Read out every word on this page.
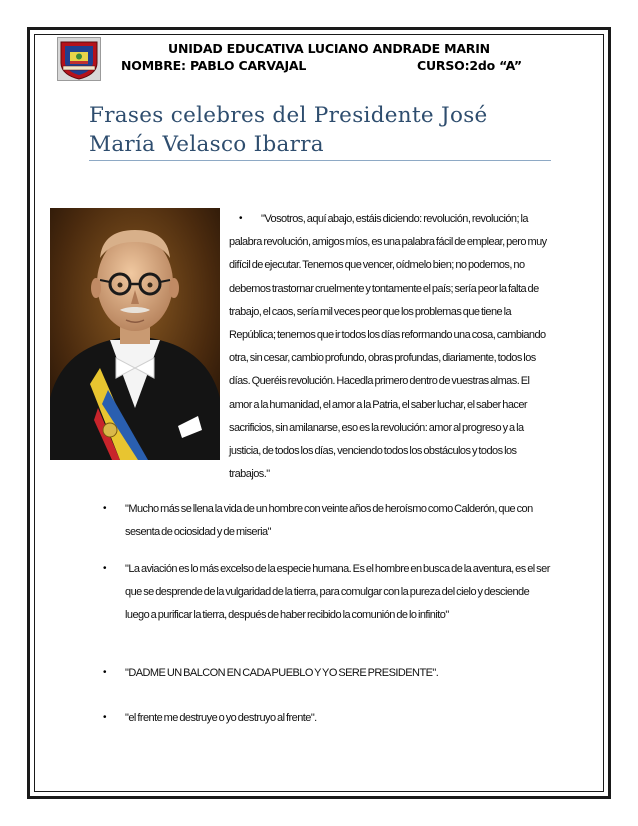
UNIDAD EDUCATIVA LUCIANO ANDRADE MARIN
NOMBRE: PABLO CARVAJAL	CURSO:2do “A”
Frases celebres del Presidente José María Velasco Ibarra
•	"Vosotros, aquí abajo, estáis diciendo: revolución, revolución; la
palabra revolución, amigos míos, es una palabra fácil de emplear, pero muy difícil de ejecutar. Tenemos que vencer, oídmelo bien; no podemos, no debemos trastornar cruelmente y tontamente el país; sería peor la falta de trabajo, el caos, sería mil veces peor que los problemas que tiene la República; tenemos que ir todos los días reformando una cosa, cambiando otra, sin cesar, cambio profundo, obras profundas, diariamente, todos los días. Queréis revolución. Hacedla primero dentro de vuestras almas. El amor a la humanidad, el amor a la Patria, el saber luchar, el saber hacer sacrificios, sin amilanarse, eso es la revolución: amor al progreso y a la justicia, de todos los días, venciendo todos los obstáculos y todos los trabajos."
• "Mucho más se llena la vida de un hombre con veinte años de heroísmo como Calderón, que con sesenta de ociosidad y de miseria"
• "La aviación es lo más excelso de la especie humana. Es el hombre en busca de la aventura, es el ser que se desprende de la vulgaridad de la tierra, para comulgar con la pureza del cielo y desciende luego a purificar la tierra, después de haber recibido la comunión de lo infinito"
• "DADME UN BALCON EN CADA PUEBLO Y YO SERE PRESIDENTE".
• "el frente me destruye o yo destruyo al frente".
